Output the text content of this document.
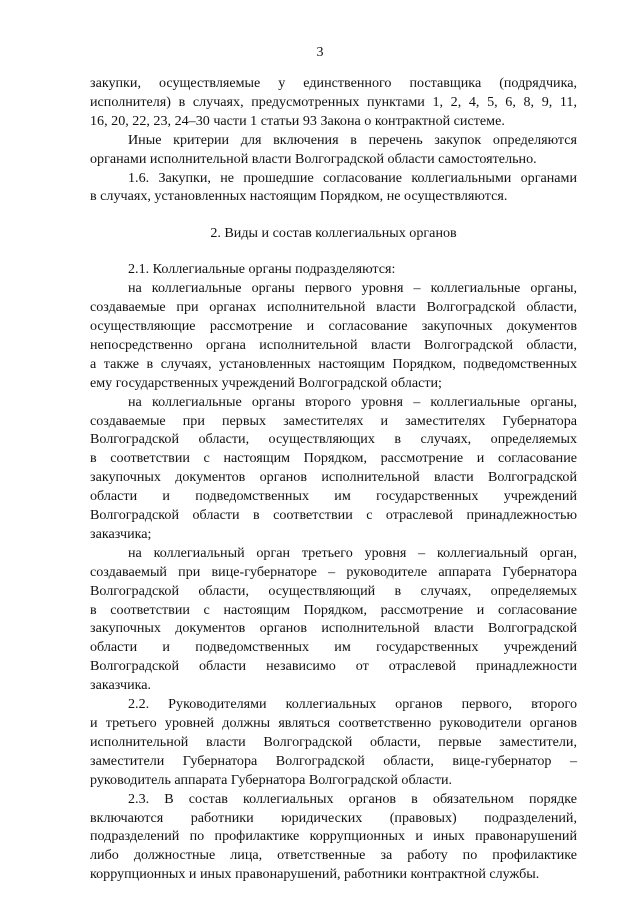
3
закупки, осуществляемые у единственного поставщика (подрядчика,
исполнителя) в случаях, предусмотренных пунктами 1, 2, 4, 5, 6, 8, 9, 11,
16, 20, 22, 23, 24–30 части 1 статьи 93 Закона о контрактной системе.
Иные критерии для включения в перечень закупок определяются
органами исполнительной власти Волгоградской области самостоятельно.
1.6. Закупки, не прошедшие согласование коллегиальными органами
в случаях, установленных настоящим Порядком, не осуществляются.
2. Виды и состав коллегиальных органов
2.1. Коллегиальные органы подразделяются:
на коллегиальные органы первого уровня – коллегиальные органы,
создаваемые при органах исполнительной власти Волгоградской области,
осуществляющие рассмотрение и согласование закупочных документов
непосредственно органа исполнительной власти Волгоградской области,
а также в случаях, установленных настоящим Порядком, подведомственных
ему государственных учреждений Волгоградской области;
на коллегиальные органы второго уровня – коллегиальные органы,
создаваемые при первых заместителях и заместителях Губернатора
Волгоградской области, осуществляющих в случаях, определяемых
в соответствии с настоящим Порядком, рассмотрение и согласование
закупочных документов органов исполнительной власти Волгоградской
области и подведомственных им государственных учреждений
Волгоградской области в соответствии с отраслевой принадлежностью
заказчика;
на коллегиальный орган третьего уровня – коллегиальный орган,
создаваемый при вице-губернаторе – руководителе аппарата Губернатора
Волгоградской области, осуществляющий в случаях, определяемых
в соответствии с настоящим Порядком, рассмотрение и согласование
закупочных документов органов исполнительной власти Волгоградской
области и подведомственных им государственных учреждений
Волгоградской области независимо от отраслевой принадлежности
заказчика.
2.2. Руководителями коллегиальных органов первого, второго
и третьего уровней должны являться соответственно руководители органов
исполнительной власти Волгоградской области, первые заместители,
заместители Губернатора Волгоградской области, вице-губернатор –
руководитель аппарата Губернатора Волгоградской области.
2.3. В состав коллегиальных органов в обязательном порядке
включаются работники юридических (правовых) подразделений,
подразделений по профилактике коррупционных и иных правонарушений
либо должностные лица, ответственные за работу по профилактике
коррупционных и иных правонарушений, работники контрактной службы.
